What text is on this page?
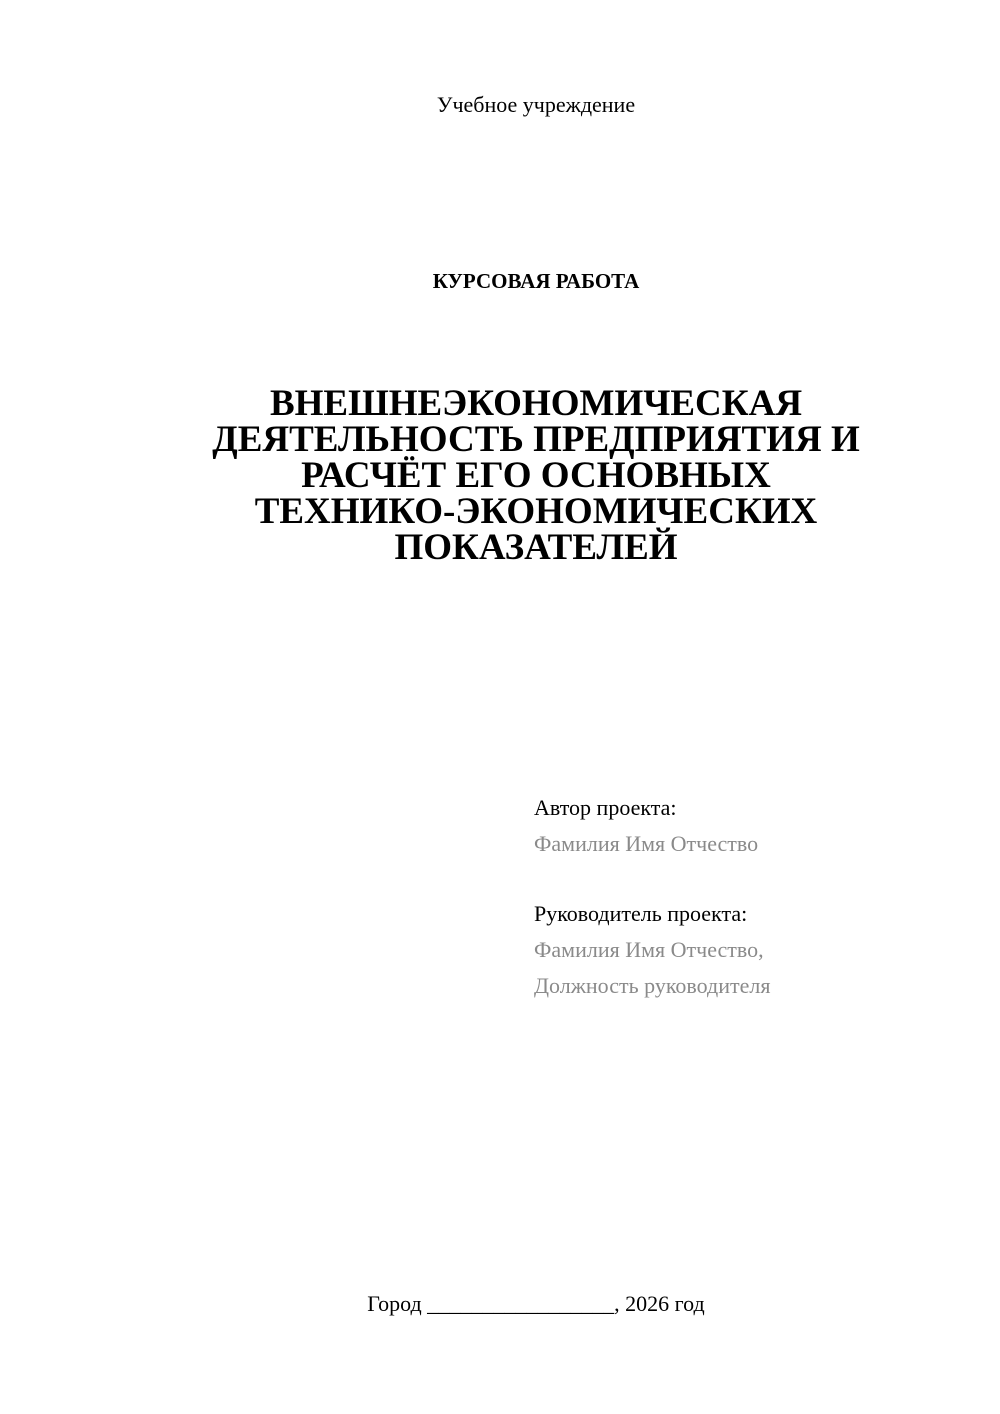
Учебное учреждение
КУРСОВАЯ РАБОТА
ВНЕШНЕЭКОНОМИЧЕСКАЯ
ДЕЯТЕЛЬНОСТЬ ПРЕДПРИЯТИЯ И
РАСЧЁТ ЕГО ОСНОВНЫХ
ТЕХНИКО-ЭКОНОМИЧЕСКИХ
ПОКАЗАТЕЛЕЙ
Автор проекта:
Фамилия Имя Отчество
Руководитель проекта:
Фамилия Имя Отчество,
Должность руководителя
Город _________________, 2026 год
